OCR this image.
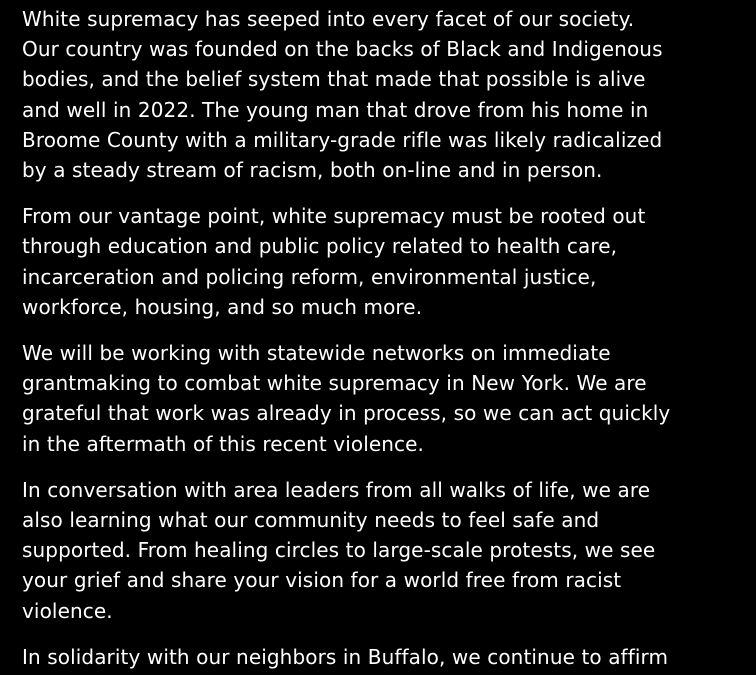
White supremacy has seeped into every facet of our society.
Our country was founded on the backs of Black and Indigenous
bodies, and the belief system that made that possible is alive
and well in 2022. The young man that drove from his home in
Broome County with a military-grade rifle was likely radicalized
by a steady stream of racism, both on-line and in person.

From our vantage point, white supremacy must be rooted out
through education and public policy related to health care,
incarceration and policing reform, environmental justice,
workforce, housing, and so much more.

We will be working with statewide networks on immediate
grantmaking to combat white supremacy in New York. We are
grateful that work was already in process, so we can act quickly
in the aftermath of this recent violence.

In conversation with area leaders from all walks of life, we are
also learning what our community needs to feel safe and
supported. From healing circles to large-scale protests, we see
your grief and share your vision for a world free from racist
violence.

In solidarity with our neighbors in Buffalo, we continue to affirm
